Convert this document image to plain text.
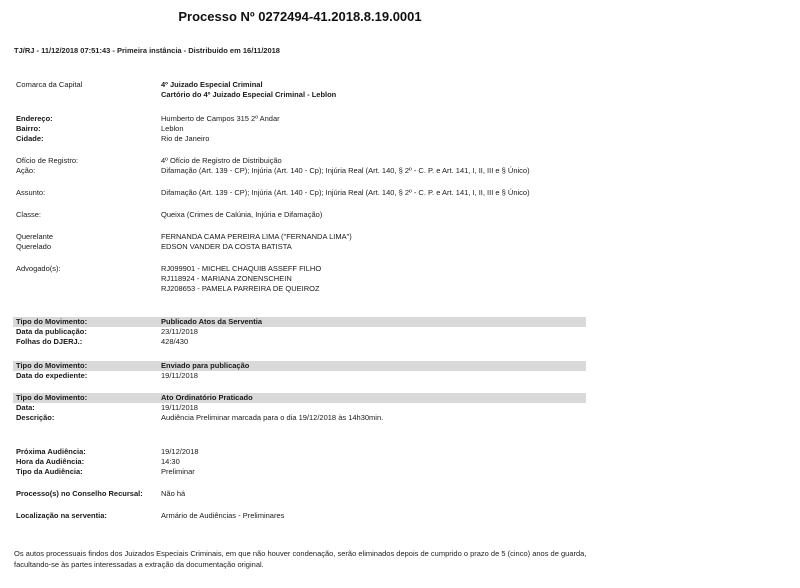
Processo Nº 0272494-41.2018.8.19.0001
TJ/RJ - 11/12/2018 07:51:43 - Primeira instância - Distribuido em 16/11/2018
Comarca da Capital	4º Juizado Especial Criminal
Cartório do 4º Juizado Especial Criminal - Leblon
Endereço:	Humberto de Campos 315 2º Andar
Bairro:	Leblon
Cidade:	Rio de Janeiro
Ofício de Registro:	4º Ofício de Registro de Distribuição
Ação:	Difamação (Art. 139 - CP); Injúria (Art. 140 - Cp); Injúria Real (Art. 140, § 2º - C. P. e Art. 141, I, II, III e § Único)
Assunto:	Difamação (Art. 139 - CP); Injúria (Art. 140 - Cp); Injúria Real (Art. 140, § 2º - C. P. e Art. 141, I, II, III e § Único)
Classe:	Queixa (Crimes de Calúnia, Injúria e Difamação)
Querelante	FERNANDA CAMA PEREIRA LIMA ("FERNANDA LIMA")
Querelado	EDSON VANDER DA COSTA BATISTA
Advogado(s):	RJ099901 - MICHEL CHAQUIB ASSEFF FILHO
RJ118924 - MARIANA ZONENSCHEIN
RJ208653 - PAMELA PARREIRA DE QUEIROZ
Tipo do Movimento:	Publicado Atos da Serventia
Data da publicação:	23/11/2018
Folhas do DJERJ.:	428/430
Tipo do Movimento:	Enviado para publicação
Data do expediente:	19/11/2018
Tipo do Movimento:	Ato Ordinatório Praticado
Data:	19/11/2018
Descrição:	Audiência Preliminar marcada para o dia 19/12/2018 às 14h30min.
Próxima Audiência:	19/12/2018
Hora da Audiência:	14:30
Tipo da Audiência:	Preliminar
Processo(s) no Conselho Recursal: Não há
Localização na serventia:	Armário de Audiências - Preliminares
Os autos processuais findos dos Juizados Especiais Criminais, em que não houver condenação, serão eliminados depois de cumprido o prazo de 5 (cinco) anos de guarda, facultando-se às partes interessadas a extração da documentação original.
